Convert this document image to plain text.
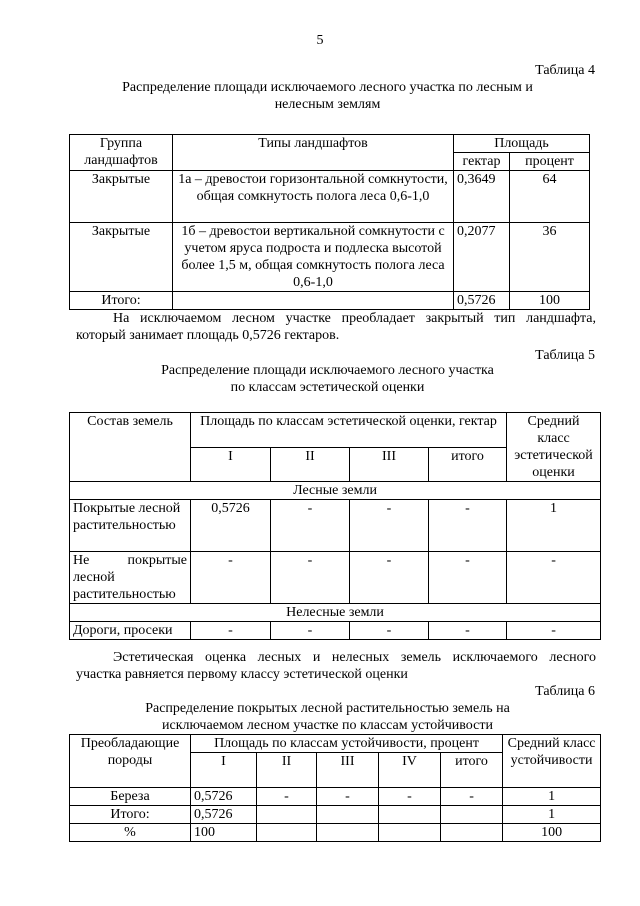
5
Таблица 4
Распределение площади исключаемого лесного участка по лесным и
нелесным землям
Группа ландшафтов	Типы ландшафтов	Площадь	
		гектар	процент
Закрытые	1а – древостои горизонтальной сомкнутости, общая сомкнутость полога леса 0,6-1,0	0,3649	64
Закрытые	1б – древостои вертикальной сомкнутости с учетом яруса подроста и подлеска высотой более 1,5 м, общая сомкнутость полога леса 0,6-1,0	0,2077	36
Итого:		0,5726	100
На исключаемом лесном участке преобладает закрытый тип ландшафта,
который занимает площадь 0,5726 гектаров.
Таблица 5
Распределение площади исключаемого лесного участка
по классам эстетической оценки
Состав земель	Площадь по классам эстетической оценки, гектар				Средний класс эстетической оценки
	I	II	III	итого	
Лесные земли					
Покрытые лесной растительностью	0,5726	-	-	-	1

Не покрытые
лесной растительностью	-	-	-	-	-
Нелесные земли					
Дороги, просеки	-	-	-	-	-
Эстетическая оценка лесных и нелесных земель исключаемого лесного
участка равняется первому классу эстетической оценки
Таблица 6
Распределение покрытых лесной растительностью земель на
исключаемом лесном участке по классам устойчивости
Преобладающие породы	Площадь по классам устойчивости, процент					Средний класс устойчивости
	I	II	III	IV	итого	
Береза	0,5726	-	-	-	-	1
Итого:	0,5726					1
%	100					100
